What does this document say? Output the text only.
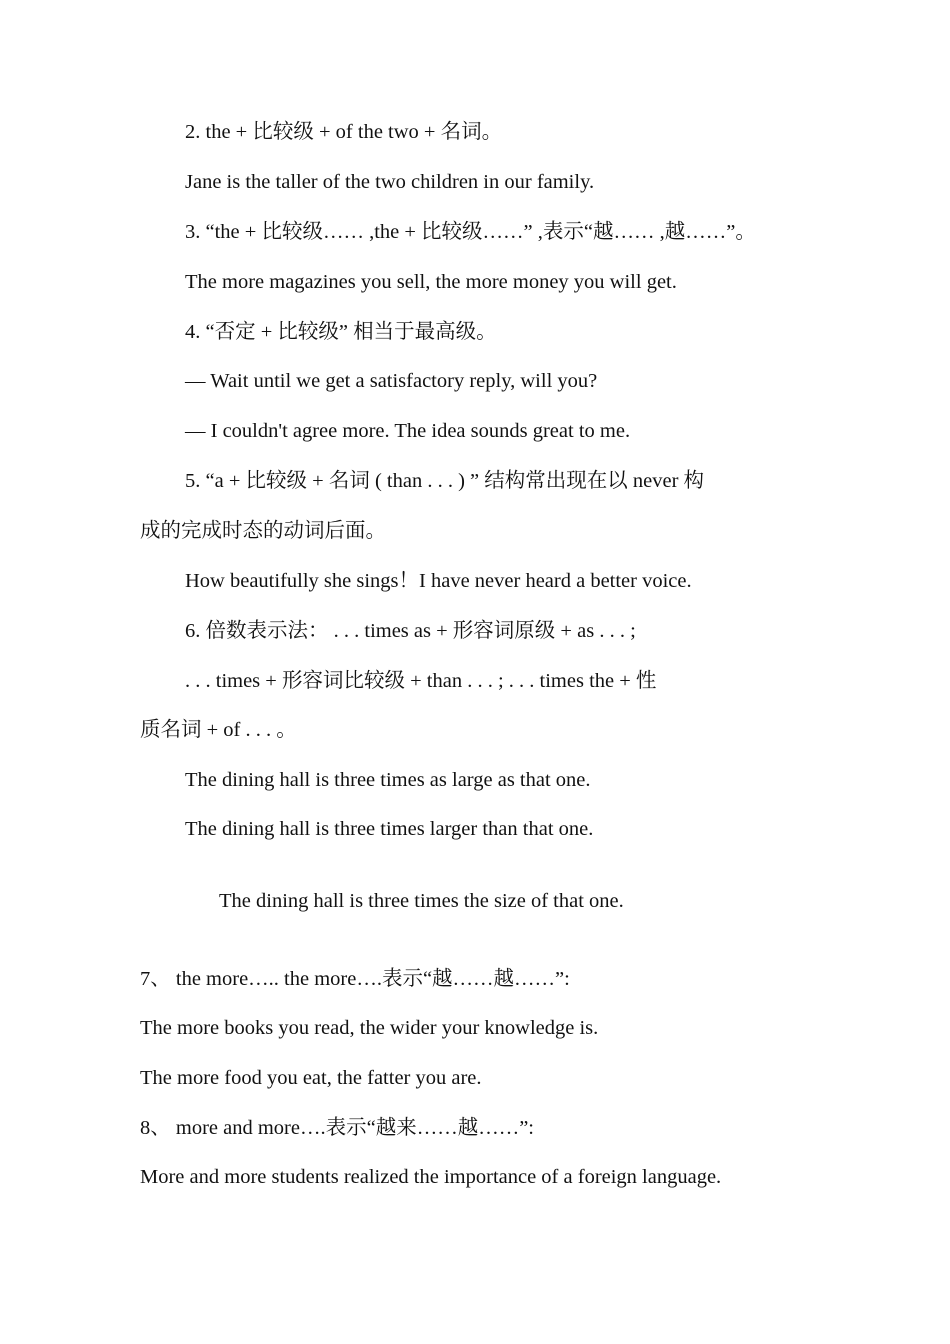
2. the + 比较级 + of the two + 名词。
Jane is the taller of the two children in our family.
3. “the + 比较级…… ,the + 比较级……” ,表示“越…… ,越……”。
The more magazines you sell, the more money you will get.
4. “否定 + 比较级” 相当于最高级。
— Wait until we get a satisfactory reply, will you?
— I couldn't agree more. The idea sounds great to me.
5. “a + 比较级 + 名词 ( than . . . ) ” 结构常出现在以 never 构
成的完成时态的动词后面。
How beautifully she sings！I have never heard a better voice.
6. 倍数表示法： . . . times as + 形容词原级 + as . . . ;
. . . times + 形容词比较级 + than . . . ; . . . times the + 性
质名词 + of . . . 。
The dining hall is three times as large as that one.
The dining hall is three times larger than that one.
The dining hall is three times the size of that one.
7、 the more….. the more….表示“越……越……”:
The more books you read, the wider your knowledge is.
The more food you eat, the fatter you are.
8、 more and more….表示“越来……越……”:
More and more students realized the importance of a foreign language.
